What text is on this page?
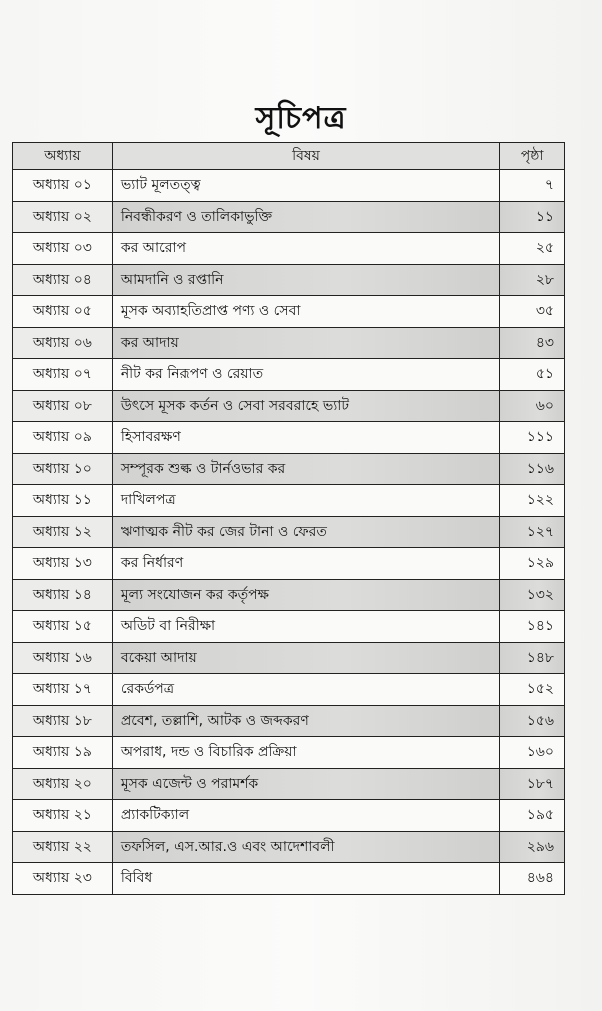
সূচিপত্র
অধ্যায়	বিষয়	পৃষ্ঠা
অধ্যায় ০১	ভ্যাট মূলতত্ত্ব	৭
অধ্যায় ০২	নিবন্ধীকরণ ও তালিকাভুক্তি	১১
অধ্যায় ০৩	কর আরোপ	২৫
অধ্যায় ০৪	আমদানি ও রপ্তানি	২৮
অধ্যায় ০৫	মূসক অব্যাহতিপ্রাপ্ত পণ্য ও সেবা	৩৫
অধ্যায় ০৬	কর আদায়	৪৩
অধ্যায় ০৭	নীট কর নিরূপণ ও রেয়াত	৫১
অধ্যায় ০৮	উৎসে মূসক কর্তন ও সেবা সরবরাহে ভ্যাট	৬০
অধ্যায় ০৯	হিসাবরক্ষণ	১১১
অধ্যায় ১০	সম্পূরক শুল্ক ও টার্নওভার কর	১১৬
অধ্যায় ১১	দাখিলপত্র	১২২
অধ্যায় ১২	ঋণাত্মক নীট কর জের টানা ও ফেরত	১২৭
অধ্যায় ১৩	কর নির্ধারণ	১২৯
অধ্যায় ১৪	মূল্য সংযোজন কর কর্তৃপক্ষ	১৩২
অধ্যায় ১৫	অডিট বা নিরীক্ষা	১৪১
অধ্যায় ১৬	বকেয়া আদায়	১৪৮
অধ্যায় ১৭	রেকর্ডপত্র	১৫২
অধ্যায় ১৮	প্রবেশ, তল্লাশি, আটক ও জব্দকরণ	১৫৬
অধ্যায় ১৯	অপরাধ, দন্ড ও বিচারিক প্রক্রিয়া	১৬০
অধ্যায় ২০	মূসক এজেন্ট ও পরামর্শক	১৮৭
অধ্যায় ২১	প্র্যাকটিক্যাল	১৯৫
অধ্যায় ২২	তফসিল, এস.আর.ও এবং আদেশাবলী	২৯৬
অধ্যায় ২৩	বিবিধ	৪৬৪
